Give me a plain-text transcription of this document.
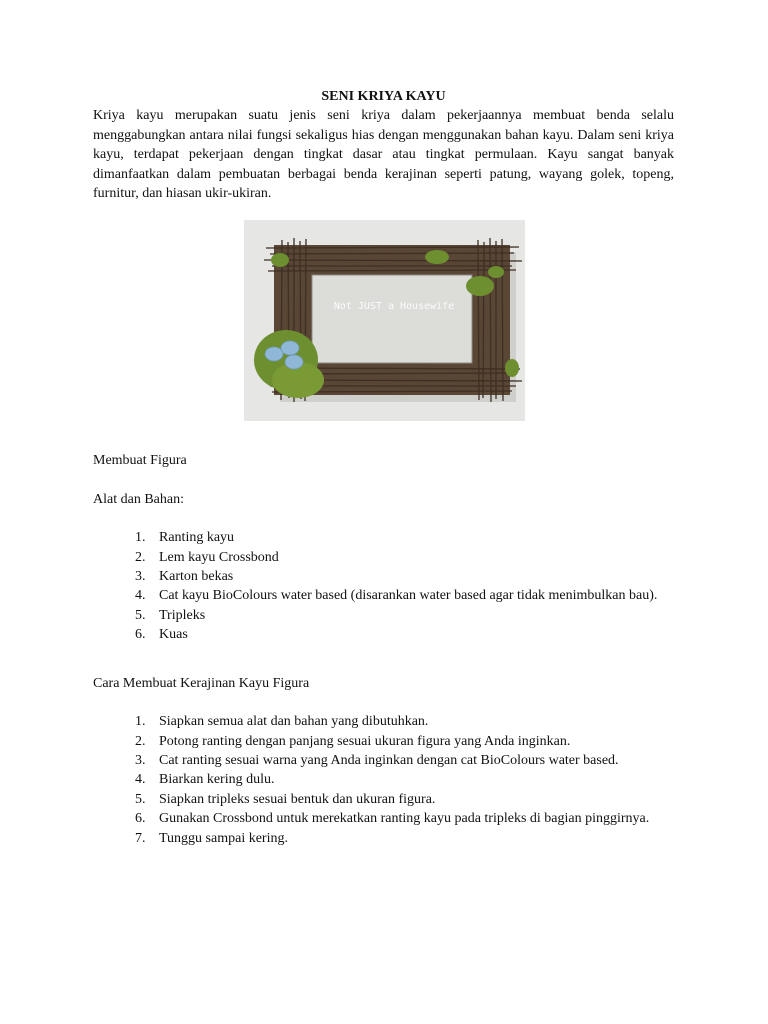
SENI KRIYA KAYU

Kriya kayu merupakan suatu jenis seni kriya dalam pekerjaannya membuat benda selalu menggabungkan antara nilai fungsi sekaligus hias dengan menggunakan bahan kayu. Dalam seni kriya kayu, terdapat pekerjaan dengan tingkat dasar atau tingkat permulaan. Kayu sangat banyak dimanfaatkan dalam pembuatan berbagai benda kerajinan seperti patung, wayang golek, topeng, furnitur, dan hiasan ukir-ukiran.

Not JUST a Housewife

Membuat Figura

Alat dan Bahan:

1. Ranting kayu
2. Lem kayu Crossbond
3. Karton bekas
4. Cat kayu BioColours water based (disarankan water based agar tidak menimbulkan bau).
5. Tripleks
6. Kuas

Cara Membuat Kerajinan Kayu Figura

1. Siapkan semua alat dan bahan yang dibutuhkan.
2. Potong ranting dengan panjang sesuai ukuran figura yang Anda inginkan.
3. Cat ranting sesuai warna yang Anda inginkan dengan cat BioColours water based.
4. Biarkan kering dulu.
5. Siapkan tripleks sesuai bentuk dan ukuran figura.
6. Gunakan Crossbond untuk merekatkan ranting kayu pada tripleks di bagian pinggirnya.
7. Tunggu sampai kering.
